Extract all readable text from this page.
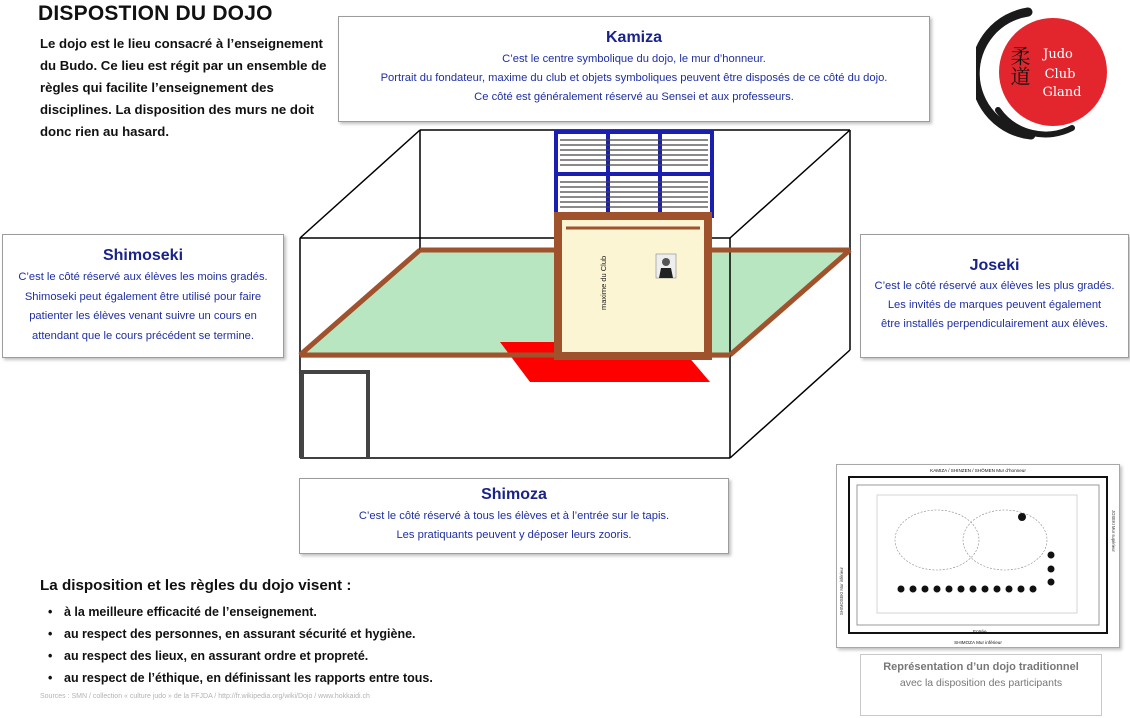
DISPOSTION DU DOJO
Le dojo est le lieu consacré à l’enseignement du Budo. Ce lieu est régit par un ensemble de règles qui facilite l’enseignement des disciplines. La disposition des murs ne doit donc rien au hasard.
Kamiza

C’est le centre symbolique du dojo, le mur d’honneur.

Portrait du fondateur, maxime du club et objets symboliques peuvent être disposés de ce côté du dojo.

Ce côté est généralement réservé au Sensei et aux professeurs.

Shimoseki

C’est le côté réservé aux élèves les moins gradés.

Shimoseki peut également être utilisé pour faire

patienter les élèves venant suivre un cours en

attendant que le cours précédent se termine.

Joseki

C’est le côté réservé aux élèves les plus gradés.

Les invités de marques peuvent également

être installés perpendiculairement aux élèves.

Shimoza

C’est le côté réservé à tous les élèves et à l’entrée sur le tapis.

Les pratiquants peuvent y déposer leurs zooris.

maxime du Club
柔道 Judo
Club
Gland
La disposition et les règles du dojo visent :
• à la meilleure efficacité de l’enseignement.
• au respect des personnes, en assurant sécurité et hygiène.
• au respect des lieux, en assurant ordre et propreté.
• au respect de l’éthique, en définissant les rapports entre tous.
Sources : SMN / collection « culture judo » de la FFJDA / http://fr.wikipedia.org/wiki/Dojo / www.hokkaidi.ch
KAMIZA / SHINZEN / SHÔMEN Mur d’honneur
SHIMOSEKI Mur inférieur
JOSEKI Mur supérieur
Entrée
SHIMOZA Mur inférieur
Représentation d’un dojo traditionnel
avec la disposition des participants
